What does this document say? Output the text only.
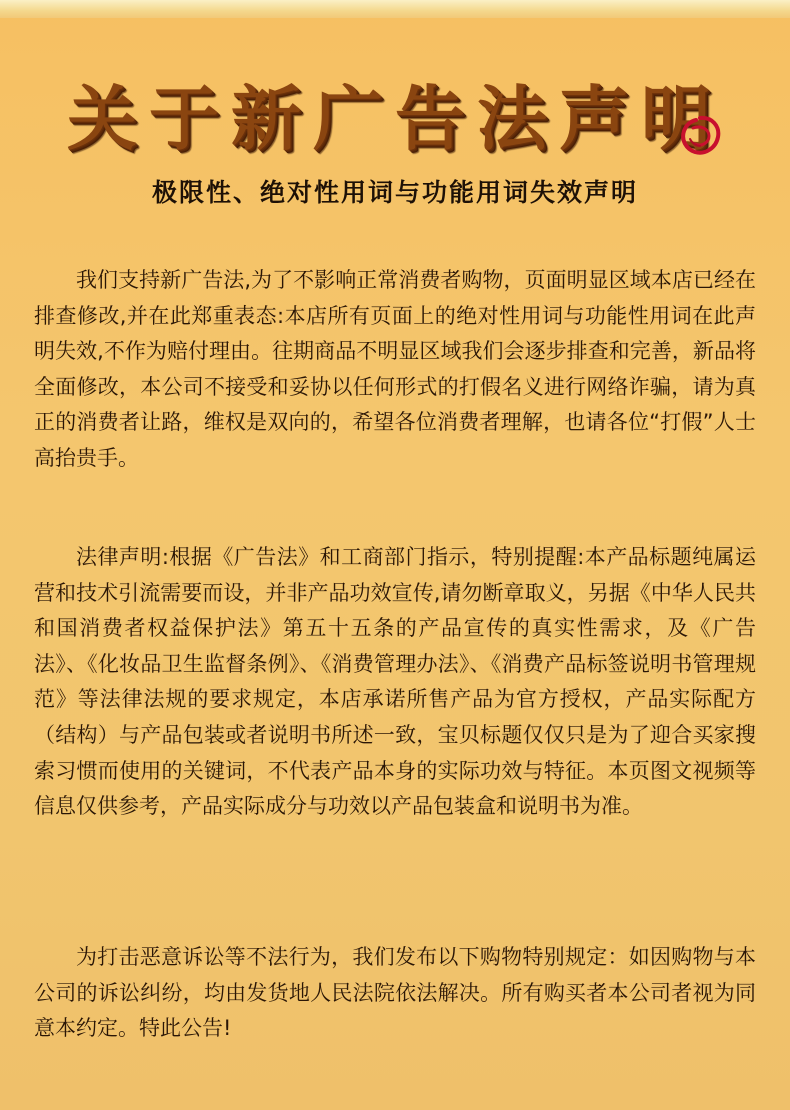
关于新广告法声明
极限性、绝对性用词与功能用词失效声明

我们支持新广告法,为了不影响正常消费者购物，页面明显区域本店已经在排查修改,并在此郑重表态:本店所有页面上的绝对性用词与功能性用词在此声明失效,不作为赔付理由。往期商品不明显区域我们会逐步排查和完善，新品将全面修改，本公司不接受和妥协以任何形式的打假名义进行网络诈骗，请为真正的消费者让路，维权是双向的，希望各位消费者理解，也请各位“打假”人士高抬贵手。

法律声明:根据《广告法》和工商部门指示，特别提醒:本产品标题纯属运营和技术引流需要而设，并非产品功效宣传,请勿断章取义，另据《中华人民共和国消费者权益保护法》第五十五条的产品宣传的真实性需求，及《广告法》、《化妆品卫生监督条例》、《消费管理办法》、《消费产品标签说明书管理规范》等法律法规的要求规定，本店承诺所售产品为官方授权，产品实际配方（结构）与产品包装或者说明书所述一致，宝贝标题仅仅只是为了迎合买家搜索习惯而使用的关键词，不代表产品本身的实际功效与特征。本页图文视频等信息仅供参考，产品实际成分与功效以产品包装盒和说明书为准。

为打击恶意诉讼等不法行为，我们发布以下购物特别规定：如因购物与本公司的诉讼纠纷，均由发货地人民法院依法解决。所有购买者本公司者视为同意本约定。特此公告!
